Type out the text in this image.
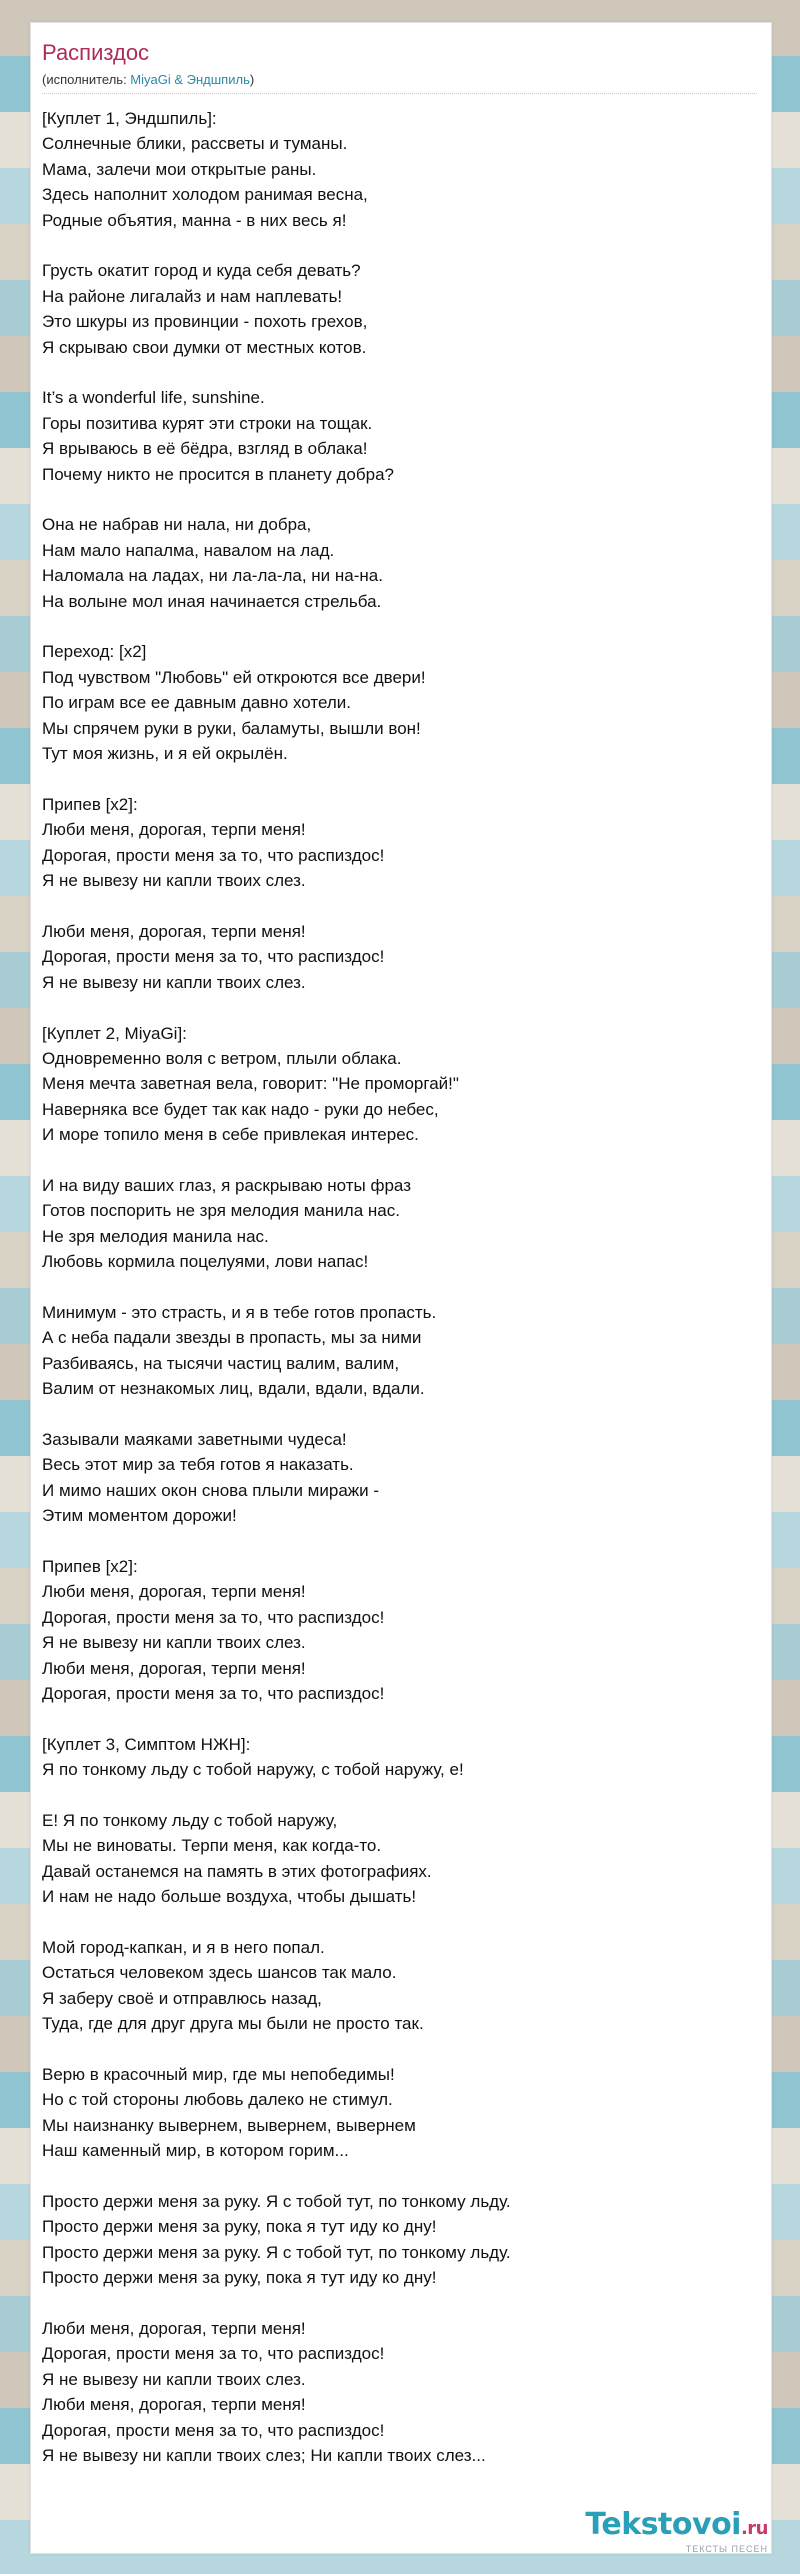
Распиздос
(исполнитель: MiyaGi & Эндшпиль)
[Куплет 1, Эндшпиль]:
Солнечные блики, рассветы и туманы.
Мама, залечи мои открытые раны.
Здесь наполнит холодом ранимая весна,
Родные объятия, манна - в них весь я!
Грусть окатит город и куда себя девать?
На районе лигалайз и нам наплевать!
Это шкуры из провинции - похоть грехов,
Я скрываю свои думки от местных котов.
It’s a wonderful life, sunshine.
Горы позитива курят эти строки на тощак.
Я врываюсь в её бёдра, взгляд в облака!
Почему никто не просится в планету добра?
Она не набрав ни нала, ни добра,
Нам мало напалма, навалом на лад.
Наломала на ладах, ни ла-ла-ла, ни на-на.
На волыне мол иная начинается стрельба.
Переход: [x2]
Под чувством "Любовь" ей откроются все двери!
По играм все ее давным давно хотели.
Мы спрячем руки в руки, баламуты, вышли вон!
Тут моя жизнь, и я ей окрылён.
Припев [x2]:
Люби меня, дорогая, терпи меня!
Дорогая, прости меня за то, что распиздос!
Я не вывезу ни капли твоих слез.
Люби меня, дорогая, терпи меня!
Дорогая, прости меня за то, что распиздос!
Я не вывезу ни капли твоих слез.
[Куплет 2, MiyaGi]:
Одновременно воля с ветром, плыли облака.
Меня мечта заветная вела, говорит: "Не проморгай!"
Наверняка все будет так как надо - руки до небес,
И море топило меня в себе привлекая интерес.
И на виду ваших глаз, я раскрываю ноты фраз
Готов поспорить не зря мелодия манила нас.
Не зря мелодия манила нас.
Любовь кормила поцелуями, лови напас!
Минимум - это страсть, и я в тебе готов пропасть.
А с неба падали звезды в пропасть, мы за ними
Разбиваясь, на тысячи частиц валим, валим,
Валим от незнакомых лиц, вдали, вдали, вдали.
Зазывали маяками заветными чудеса!
Весь этот мир за тебя готов я наказать.
И мимо наших окон снова плыли миражи -
Этим моментом дорожи!
Припев [x2]:
Люби меня, дорогая, терпи меня!
Дорогая, прости меня за то, что распиздос!
Я не вывезу ни капли твоих слез.
Люби меня, дорогая, терпи меня!
Дорогая, прости меня за то, что распиздос!
[Куплет 3, Симптом НЖН]:
Я по тонкому льду с тобой наружу, с тобой наружу, е!
Е! Я по тонкому льду с тобой наружу,
Мы не виноваты. Терпи меня, как когда-то.
Давай останемся на память в этих фотографиях.
И нам не надо больше воздуха, чтобы дышать!
Мой город-капкан, и я в него попал.
Остаться человеком здесь шансов так мало.
Я заберу своё и отправлюсь назад,
Туда, где для друг друга мы были не просто так.
Верю в красочный мир, где мы непобедимы!
Но с той стороны любовь далеко не стимул.
Мы наизнанку вывернем, вывернем, вывернем
Наш каменный мир, в котором горим...
Просто держи меня за руку. Я с тобой тут, по тонкому льду.
Просто держи меня за руку, пока я тут иду ко дну!
Просто держи меня за руку. Я с тобой тут, по тонкому льду.
Просто держи меня за руку, пока я тут иду ко дну!
Люби меня, дорогая, терпи меня!
Дорогая, прости меня за то, что распиздос!
Я не вывезу ни капли твоих слез.
Люби меня, дорогая, терпи меня!
Дорогая, прости меня за то, что распиздос!
Я не вывезу ни капли твоих слез; Ни капли твоих слез...
Tekstovoi.ru
ТЕКСТЫ ПЕСЕН
